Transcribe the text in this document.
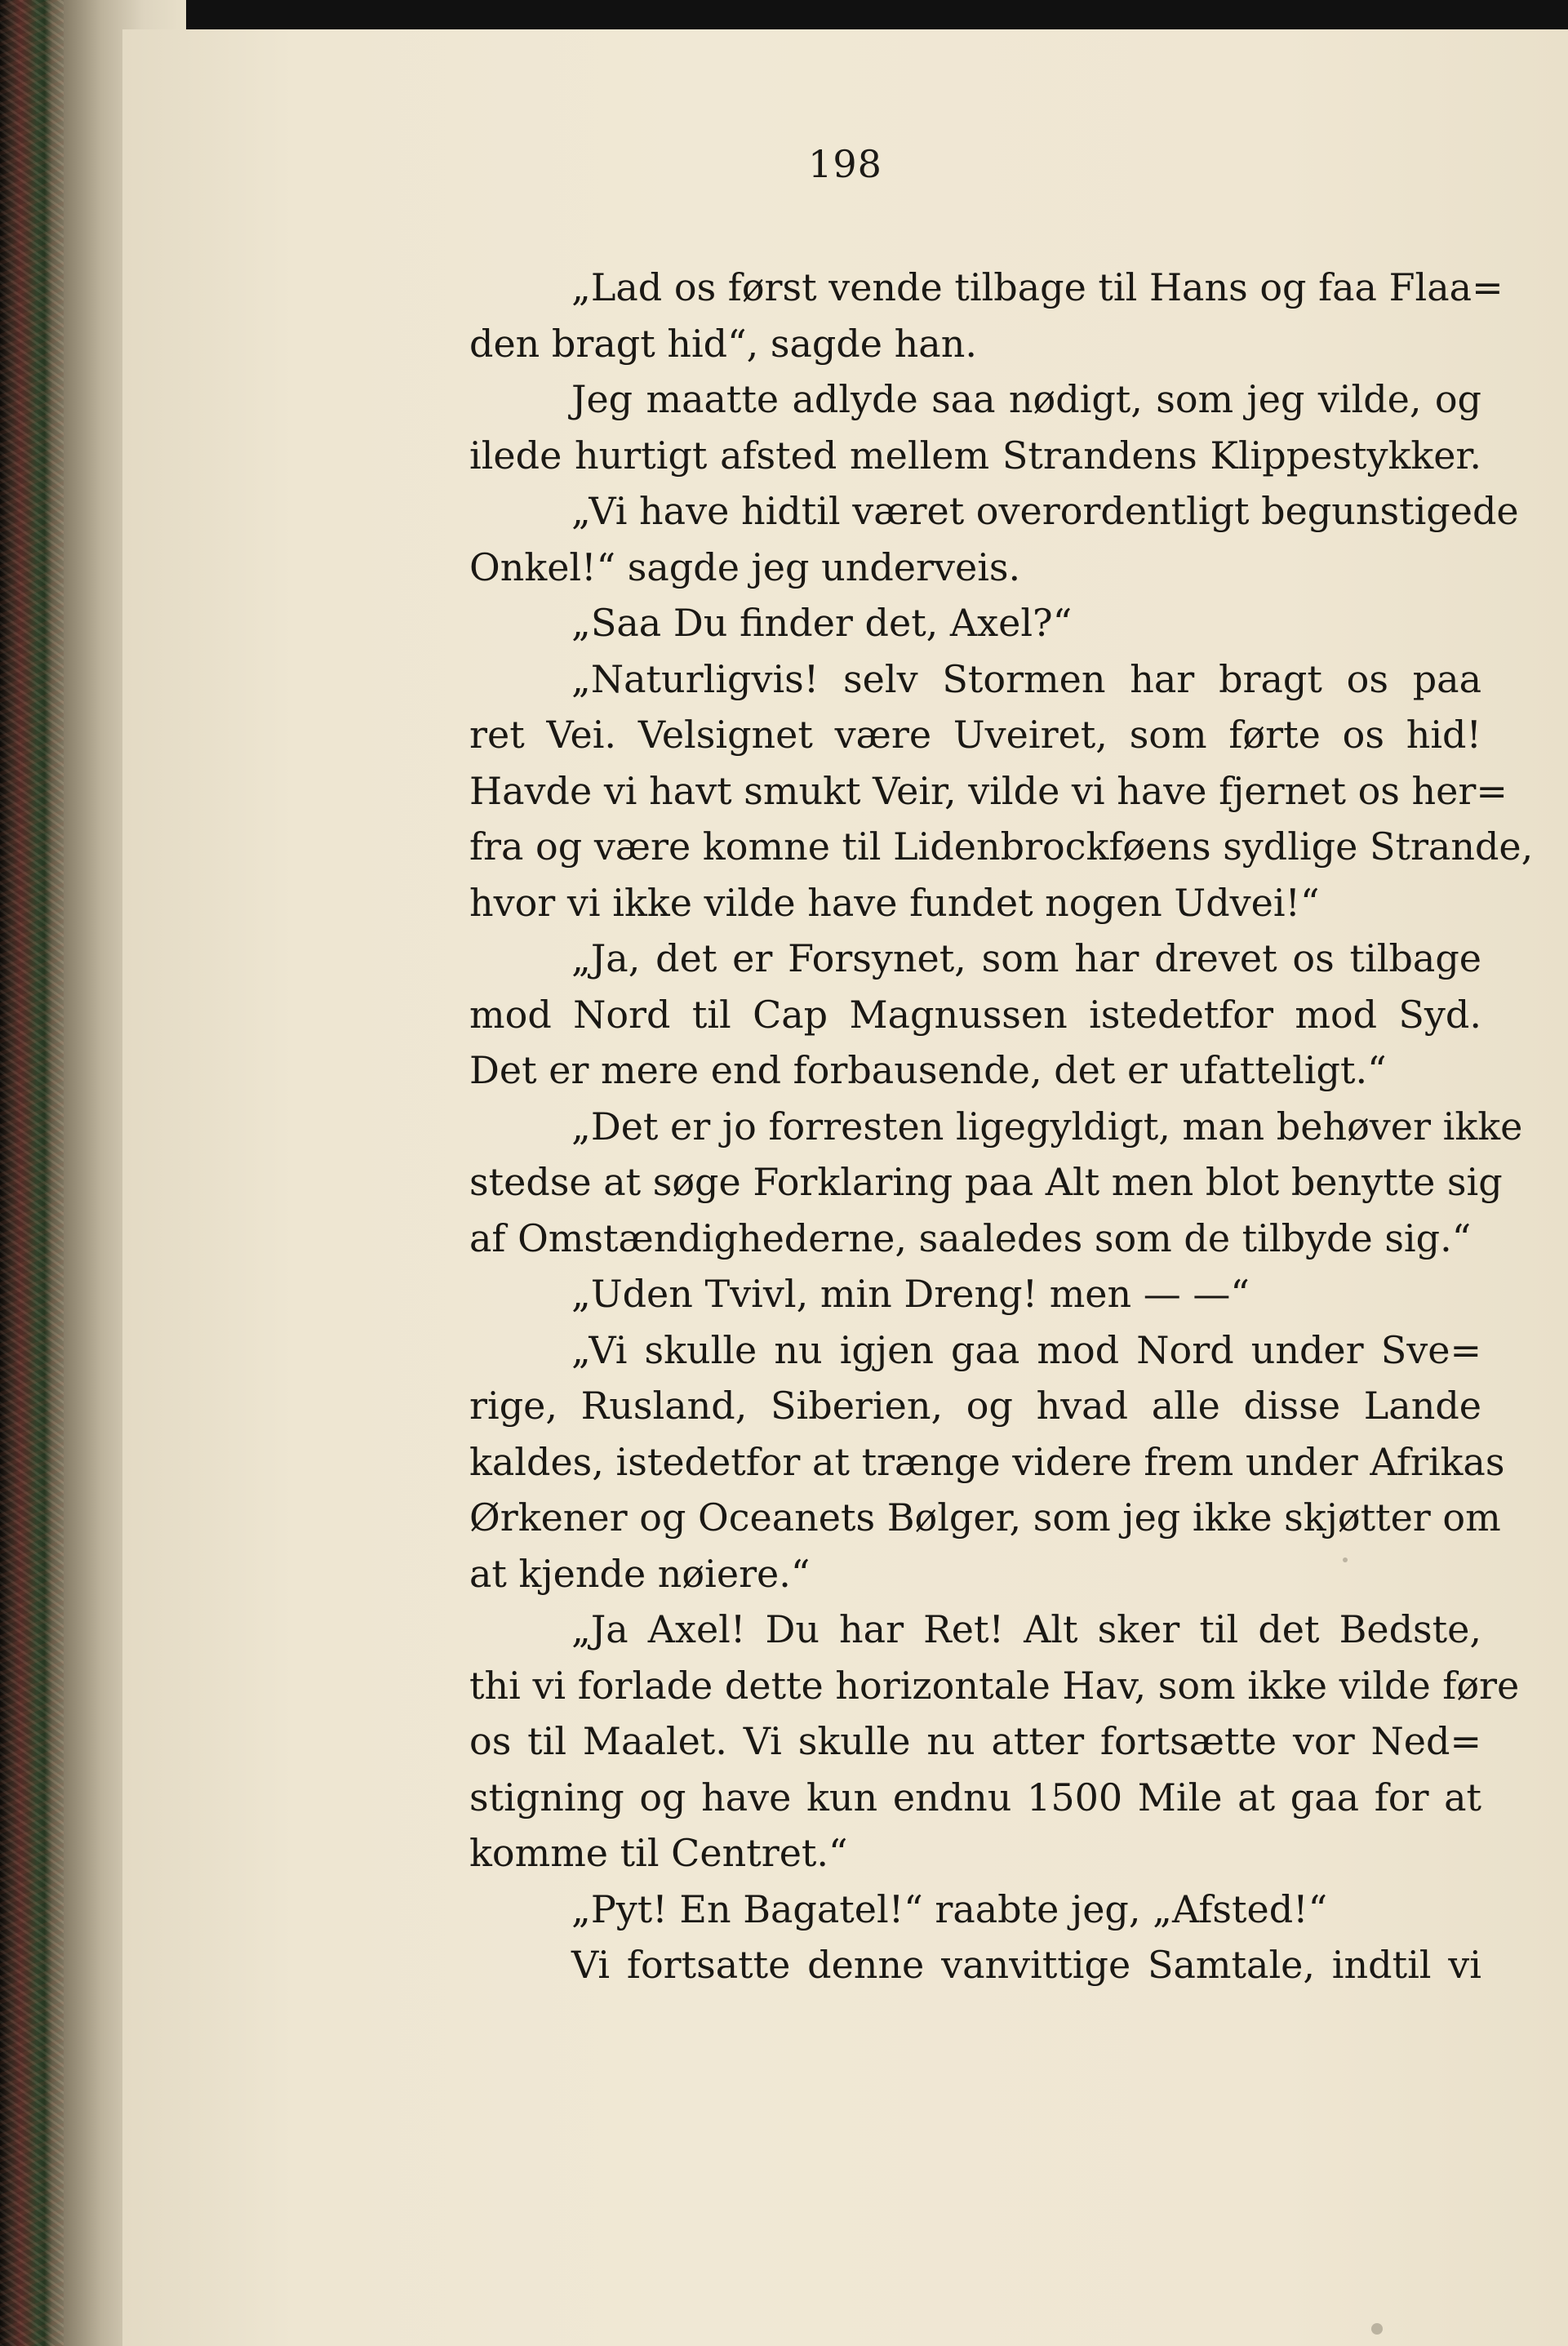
198
„Lad os først vende tilbage til Hans og faa Flaa=
den bragt hid“, sagde han.
Jeg maatte adlyde saa nødigt, som jeg vilde, og
ilede hurtigt afsted mellem Strandens Klippestykker.
„Vi have hidtil været overordentligt begunstigede
Onkel!“ sagde jeg underveis.
„Saa Du finder det, Axel?“
„Naturligvis! selv Stormen har bragt os paa
ret Vei. Velsignet være Uveiret, som førte os hid!
Havde vi havt smukt Veir, vilde vi have fjernet os her=
fra og være komne til Lidenbrockføens sydlige Strande,
hvor vi ikke vilde have fundet nogen Udvei!“
„Ja, det er Forsynet, som har drevet os tilbage
mod Nord til Cap Magnussen istedetfor mod Syd.
Det er mere end forbausende, det er ufatteligt.“
„Det er jo forresten ligegyldigt, man behøver ikke
stedse at søge Forklaring paa Alt men blot benytte sig
af Omstændighederne, saaledes som de tilbyde sig.“
„Uden Tvivl, min Dreng! men — —“
„Vi skulle nu igjen gaa mod Nord under Sve=
rige, Rusland, Siberien, og hvad alle disse Lande
kaldes, istedetfor at trænge videre frem under Afrikas
Ørkener og Oceanets Bølger, som jeg ikke skjøtter om
at kjende nøiere.“
„Ja Axel! Du har Ret! Alt sker til det Bedste,
thi vi forlade dette horizontale Hav, som ikke vilde føre
os til Maalet. Vi skulle nu atter fortsætte vor Ned=
stigning og have kun endnu 1500 Mile at gaa for at
komme til Centret.“
„Pyt! En Bagatel!“ raabte jeg, „Afsted!“
Vi fortsatte denne vanvittige Samtale, indtil vi
